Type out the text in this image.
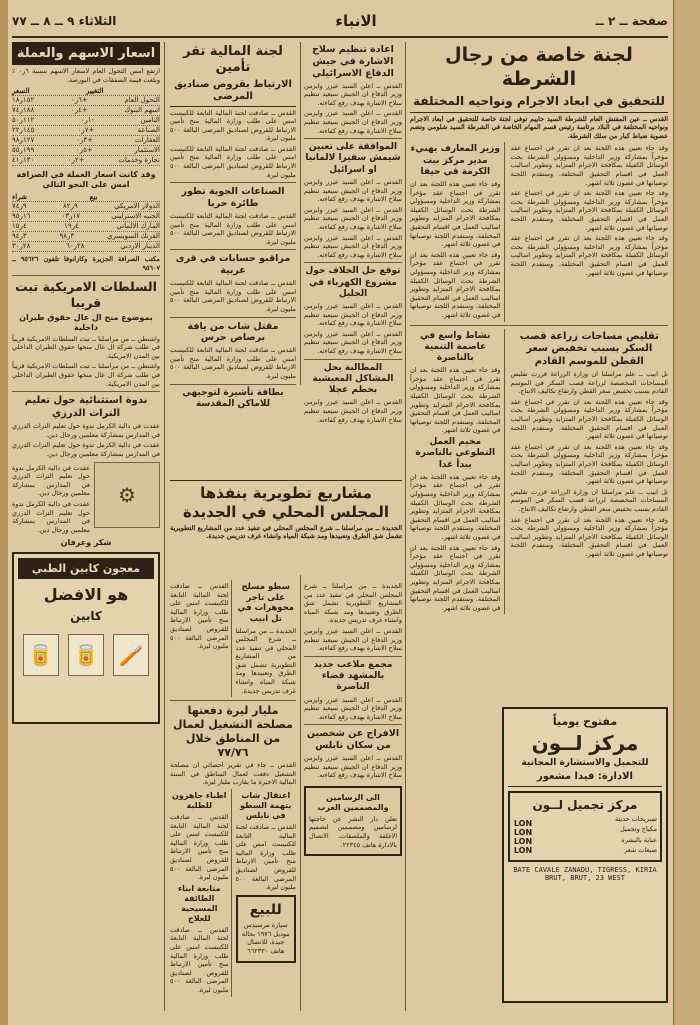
صفحة ــ ٢ ــ
الانباء
الثلاثاء ٩ ــ ٨ ــ ٧٧
لجنة خاصة من رجال الشرطة
للتحقيق في ابعاد الاجرام ونواحيه المختلفة
القدس ــ عين المفتش العام للشرطة السيد حاييم توفي لجنة خاصة للتحقيق في ابعاد الاجرام ونواحيه المختلفة في البلاد برئاسة رئيس قسم المهام الخاصة في الشرطة السيد شلومي وتضم عضوية ضباط كبار من سلك الشرطة.
وقد جاء تعيين هذه اللجنة بعد ان تقرر في اجتماع عقد مؤخراً بمشاركة وزير الداخلية ومسؤولي الشرطة بحث الوسائل الكفيلة بمكافحة الاجرام المتزايد وتطوير اساليب العمل في اقسام التحقيق المختلفة. وستقدم اللجنة توصياتها في غضون ثلاثة اشهر.
وقد جاء تعيين هذه اللجنة بعد ان تقرر في اجتماع عقد مؤخراً بمشاركة وزير الداخلية ومسؤولي الشرطة بحث الوسائل الكفيلة بمكافحة الاجرام المتزايد وتطوير اساليب العمل في اقسام التحقيق المختلفة. وستقدم اللجنة توصياتها في غضون ثلاثة اشهر.
وقد جاء تعيين هذه اللجنة بعد ان تقرر في اجتماع عقد مؤخراً بمشاركة وزير الداخلية ومسؤولي الشرطة بحث الوسائل الكفيلة بمكافحة الاجرام المتزايد وتطوير اساليب العمل في اقسام التحقيق المختلفة. وستقدم اللجنة توصياتها في غضون ثلاثة اشهر.
وزير المعارف يهنيء مدير مركز بيت الكرمة في حيفا
وقد جاء تعيين هذه اللجنة بعد ان تقرر في اجتماع عقد مؤخراً بمشاركة وزير الداخلية ومسؤولي الشرطة بحث الوسائل الكفيلة بمكافحة الاجرام المتزايد وتطوير اساليب العمل في اقسام التحقيق المختلفة. وستقدم اللجنة توصياتها في غضون ثلاثة اشهر.
وقد جاء تعيين هذه اللجنة بعد ان تقرر في اجتماع عقد مؤخراً بمشاركة وزير الداخلية ومسؤولي الشرطة بحث الوسائل الكفيلة بمكافحة الاجرام المتزايد وتطوير اساليب العمل في اقسام التحقيق المختلفة. وستقدم اللجنة توصياتها في غضون ثلاثة اشهر.
تقليص مساحات زراعة قصب السكر بسبب تخفيض سعر القطن للموسم القادم
تل ابيب ــ علم مراسلنا ان وزارة الزراعة قررت تقليص المساحات المخصصة لزراعة قصب السكر في الموسم القادم بسبب تخفيض سعر القطن وارتفاع تكاليف الانتاج.
وقد جاء تعيين هذه اللجنة بعد ان تقرر في اجتماع عقد مؤخراً بمشاركة وزير الداخلية ومسؤولي الشرطة بحث الوسائل الكفيلة بمكافحة الاجرام المتزايد وتطوير اساليب العمل في اقسام التحقيق المختلفة. وستقدم اللجنة توصياتها في غضون ثلاثة اشهر.
وقد جاء تعيين هذه اللجنة بعد ان تقرر في اجتماع عقد مؤخراً بمشاركة وزير الداخلية ومسؤولي الشرطة بحث الوسائل الكفيلة بمكافحة الاجرام المتزايد وتطوير اساليب العمل في اقسام التحقيق المختلفة. وستقدم اللجنة توصياتها في غضون ثلاثة اشهر.
تل ابيب ــ علم مراسلنا ان وزارة الزراعة قررت تقليص المساحات المخصصة لزراعة قصب السكر في الموسم القادم بسبب تخفيض سعر القطن وارتفاع تكاليف الانتاج.
وقد جاء تعيين هذه اللجنة بعد ان تقرر في اجتماع عقد مؤخراً بمشاركة وزير الداخلية ومسؤولي الشرطة بحث الوسائل الكفيلة بمكافحة الاجرام المتزايد وتطوير اساليب العمل في اقسام التحقيق المختلفة. وستقدم اللجنة توصياتها في غضون ثلاثة اشهر.
نشاط واسع في عاصمة التنمية بالناصرة
وقد جاء تعيين هذه اللجنة بعد ان تقرر في اجتماع عقد مؤخراً بمشاركة وزير الداخلية ومسؤولي الشرطة بحث الوسائل الكفيلة بمكافحة الاجرام المتزايد وتطوير اساليب العمل في اقسام التحقيق المختلفة. وستقدم اللجنة توصياتها في غضون ثلاثة اشهر.
مخيم العمل التطوعي بالناصرة يبدأ غدا
وقد جاء تعيين هذه اللجنة بعد ان تقرر في اجتماع عقد مؤخراً بمشاركة وزير الداخلية ومسؤولي الشرطة بحث الوسائل الكفيلة بمكافحة الاجرام المتزايد وتطوير اساليب العمل في اقسام التحقيق المختلفة. وستقدم اللجنة توصياتها في غضون ثلاثة اشهر.
وقد جاء تعيين هذه اللجنة بعد ان تقرر في اجتماع عقد مؤخراً بمشاركة وزير الداخلية ومسؤولي الشرطة بحث الوسائل الكفيلة بمكافحة الاجرام المتزايد وتطوير اساليب العمل في اقسام التحقيق المختلفة. وستقدم اللجنة توصياتها في غضون ثلاثة اشهر.
مفتوح يومياً
مركز لــون
للتجميل والاستشارة المجانية
الادارة: فيدا مشعور
مركز تجميل لــون
تسريحات حديثة
مكياج وتجميل
عناية بالبشرة
صبغات شعر
LON
LON
LON
LON
BATE CAVALE ZANADU, TIGRESS, KIRIA
BRUT, BRUT, 23 WEST
اعادة تنظيم سلاح الاشارة في جيش الدفاع الاسرائيلي
القدس ــ اعلن السيد عيزر وايزمن وزير الدفاع ان الجيش سيعيد تنظيم سلاح الاشارة بهدف رفع كفاءته.
القدس ــ اعلن السيد عيزر وايزمن وزير الدفاع ان الجيش سيعيد تنظيم سلاح الاشارة بهدف رفع كفاءته.
الموافقة على تعيين شيمش سفيرا لالمانيا او اسرائيل
القدس ــ اعلن السيد عيزر وايزمن وزير الدفاع ان الجيش سيعيد تنظيم سلاح الاشارة بهدف رفع كفاءته.
القدس ــ اعلن السيد عيزر وايزمن وزير الدفاع ان الجيش سيعيد تنظيم سلاح الاشارة بهدف رفع كفاءته.
القدس ــ اعلن السيد عيزر وايزمن وزير الدفاع ان الجيش سيعيد تنظيم سلاح الاشارة بهدف رفع كفاءته.
توقع حل الخلاف حول مشروع الكهرباء في الجليل
القدس ــ اعلن السيد عيزر وايزمن وزير الدفاع ان الجيش سيعيد تنظيم سلاح الاشارة بهدف رفع كفاءته.
القدس ــ اعلن السيد عيزر وايزمن وزير الدفاع ان الجيش سيعيد تنظيم سلاح الاشارة بهدف رفع كفاءته.
المطالبة بحل المشاكل المعيشية بحطم عجلا
القدس ــ اعلن السيد عيزر وايزمن وزير الدفاع ان الجيش سيعيد تنظيم سلاح الاشارة بهدف رفع كفاءته.
لجنة المالية تقر تأمين
الارتباط بقروض صناديق المرضى
القدس ــ صادقت لجنة المالية التابعة للكنيست امس على طلب وزارة المالية منح تأمين الارتباط للقروض لصناديق المرضى البالغة ٥٠٠ مليون ليرة.
القدس ــ صادقت لجنة المالية التابعة للكنيست امس على طلب وزارة المالية منح تأمين الارتباط للقروض لصناديق المرضى البالغة ٥٠٠ مليون ليرة.
الصناعات الجوية تطور طائرة حربا
القدس ــ صادقت لجنة المالية التابعة للكنيست امس على طلب وزارة المالية منح تأمين الارتباط للقروض لصناديق المرضى البالغة ٥٠٠ مليون ليرة.
مراقبو حسابات في قرى عربية
القدس ــ صادقت لجنة المالية التابعة للكنيست امس على طلب وزارة المالية منح تأمين الارتباط للقروض لصناديق المرضى البالغة ٥٠٠ مليون ليرة.
مقتل شاب من يافة برصاص حرس
القدس ــ صادقت لجنة المالية التابعة للكنيست امس على طلب وزارة المالية منح تأمين الارتباط للقروض لصناديق المرضى البالغة ٥٠٠ مليون ليرة.
بطاقة تأشيرة لتوجيهي للاماكن المقدسة
مشاريع تطويرية ينفذها المجلس المحلي في الجديدة
الجديدة ــ من مراسلنا ــ شرع المجلس المحلي في تنفيذ عدد من المشاريع التطويرية تشمل شق الطرق وتعبيدها ومد شبكة المياه وانشاء غرف تدريس جديدة.
الجديدة ــ من مراسلنا ــ شرع المجلس المحلي في تنفيذ عدد من المشاريع التطويرية تشمل شق الطرق وتعبيدها ومد شبكة المياه وانشاء غرف تدريس جديدة.
القدس ــ اعلن السيد عيزر وايزمن وزير الدفاع ان الجيش سيعيد تنظيم سلاح الاشارة بهدف رفع كفاءته.
مجمع ملاعب جديد بالمشهد قضاء الناصرة
القدس ــ اعلن السيد عيزر وايزمن وزير الدفاع ان الجيش سيعيد تنظيم سلاح الاشارة بهدف رفع كفاءته.
الافراج عن شخصين من سكان نابلس
القدس ــ اعلن السيد عيزر وايزمن وزير الدفاع ان الجيش سيعيد تنظيم سلاح الاشارة بهدف رفع كفاءته.
الى الرسامين والمصممين العرب
تعلن دار النشر عن حاجتها لرسامين ومصممين لتصميم الاغلفة والملصقات. الاتصال بالادارة هاتف ٢٢٣٤٥.
سطو مسلح على تاجر مجوهرات في تل ابيب
الجديدة ــ من مراسلنا ــ شرع المجلس المحلي في تنفيذ عدد من المشاريع التطويرية تشمل شق الطرق وتعبيدها ومد شبكة المياه وانشاء غرف تدريس جديدة.
القدس ــ صادقت لجنة المالية التابعة للكنيست امس على طلب وزارة المالية منح تأمين الارتباط للقروض لصناديق المرضى البالغة ٥٠٠ مليون ليرة.
مليار ليرة دفعتها مصلحة التشغيل لعمال من المناطق خلال ٧٧/٧٦
القدس ــ جاء في تقرير احصائي ان مصلحة التشغيل دفعت لعمال المناطق في السنة المالية الاخيرة ما يقارب مليار ليرة.
اعتقال شاب بتهمة السطو في نابلس
القدس ــ صادقت لجنة المالية التابعة للكنيست امس على طلب وزارة المالية منح تأمين الارتباط للقروض لصناديق المرضى البالغة ٥٠٠ مليون ليرة.
للبيع
سيارة مرسيدس موديل ١٩٧٦ بحالة جيدة. للاتصال هاتف ٦٦٢٣٣٠
اطباء جاهزون للطلبة
القدس ــ صادقت لجنة المالية التابعة للكنيست امس على طلب وزارة المالية منح تأمين الارتباط للقروض لصناديق المرضى البالغة ٥٠٠ مليون ليرة.
متابعة ابناء الطائفة المسيحية للعلاج
القدس ــ صادقت لجنة المالية التابعة للكنيست امس على طلب وزارة المالية منح تأمين الارتباط للقروض لصناديق المرضى البالغة ٥٠٠ مليون ليرة.
اسعار الاسهم والعملة
ارتفع امس التحول العام لاسعار الاسهم بنسبة ٦ر٠ ٪ وبلغت قيمة الصفقات في البورصة.
التغيير
السعر
التحول العام
+٦ر٠
١٥٢ر١٨
اسهم البنوك
+٤ر٠
١٨٨ر٧٤
التامين
-١ر٠
١١٢ر٥٠
الصناعة
+٧ر٠
١٤٥ر٢٢
العقارات
+٣ر٠
١٢٧ر٩٨
الاستثمار
+٥ر٠
١٩٩ر٥٥
تجارة وخدمات
+٢ر٠
١٣٠ر٤١
وقد كانت اسعار العملة في الصرافة امس على النحو التالي
بيع
شراء
الدولار الامريكي
٩ر٨٢
٩ر٧٤
الجنيه الاسترليني
١٧ر٠٣
١٦ر٩٥
المارك الالماني
٤ر١٩
٤ر١٥
الفرنك السويسري
٣ر٩٨
٣ر٩٤
الدينار الاردني
٢٨ر٦٠
٢٨ر٣٠
مكتب الصرافة الجزيرة وكازانوفا تلفون ٩٥٦٢٦ ــ ٩٥٦٠٧
السلطات الامريكية تبت قريبا
بموضوع منح ال عال حقوق طيران داخلية
واشنطن ــ من مراسلنا ــ تبت السلطات الامريكية قريباً في طلب شركة ال عال منحها حقوق الطيران الداخلي بين المدن الامريكية.
واشنطن ــ من مراسلنا ــ تبت السلطات الامريكية قريباً في طلب شركة ال عال منحها حقوق الطيران الداخلي بين المدن الامريكية.
ندوة استثنائية حول تعليم التراث الدرزي
عقدت في دالية الكرمل ندوة حول تعليم التراث الدرزي في المدارس بمشاركة معلمين ورجال دين.
عقدت في دالية الكرمل ندوة حول تعليم التراث الدرزي في المدارس بمشاركة معلمين ورجال دين.
⚙
عقدت في دالية الكرمل ندوة حول تعليم التراث الدرزي في المدارس بمشاركة معلمين ورجال دين.
عقدت في دالية الكرمل ندوة حول تعليم التراث الدرزي في المدارس بمشاركة معلمين ورجال دين.
شكر وعرفان
معجون كابين الطبي
هو الافضل
كابين
🪥
🥫
🥫
